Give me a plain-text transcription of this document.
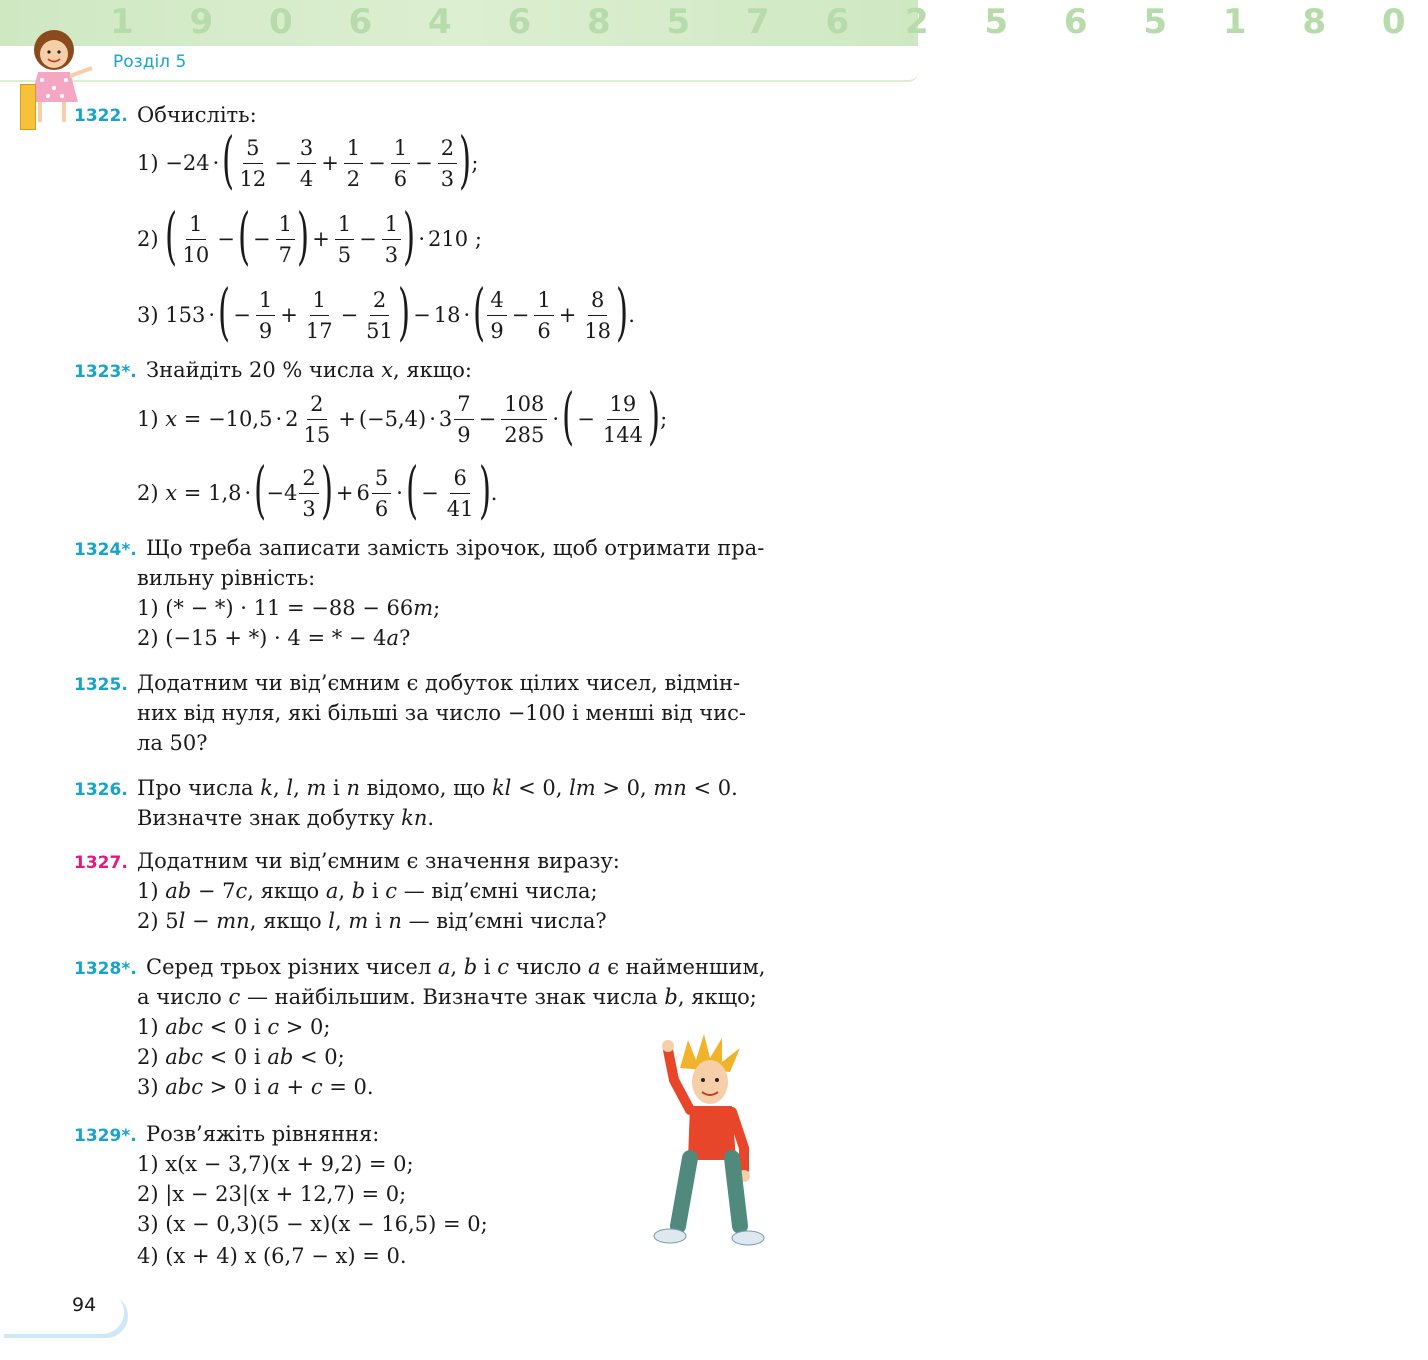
1 9 0 6 4 6 8 5 7 6 2 5 6 5 1 8 0
Розділ 5
1322. Обчисліть:
1)
−24 · ( $\frac{5}{12} - \frac{3}{4} + \frac{1}{2} - \frac{1}{6} - \frac{2}{3}$ ) ;
2)
( $\frac{1}{10}$ − ( − $\frac{1}{7}$ ) + $\frac{1}{5} - \frac{1}{3}$ ) · 210 ;
3)
153 · ( − $\frac{1}{9} + \frac{1}{17} - \frac{2}{51}$ ) − 18 · ( $\frac{4}{9} - \frac{1}{6} + \frac{8}{18}$ ) .
1323*. Знайдіть 20 % числа x, якщо:
1)
x
=
$-10,5 \cdot 2 \frac{2}{15} + (-5,4) \cdot 3 \frac{7}{9} - \frac{108}{285}$ · ( − $\frac{19}{144}$ ) ;
2)
x
=
1,8 · ( $-4 \frac{2}{3}$ ) + $6 \frac{5}{6}$ · ( − $\frac{6}{41}$ ) .
1324*. Що треба записати замість зірочок, щоб отримати пра-
вильну рівність:
1) (* − *) · 11 = −88 − 66m;
2) (−15 + *) · 4 = * − 4a?
1325. Додатним чи від’ємним є добуток цілих чисел, відмін-
них від нуля, які більші за число −100 і менші від чис-
ла 50?
1326. Про числа k, l, m і n відомо, що kl < 0, lm > 0, mn < 0.
Визначте знак добутку kn.
1327. Додатним чи від’ємним є значення виразу:
1) ab − 7c, якщо a, b і c — від’ємні числа;
2) 5l − mn, якщо l, m і n — від’ємні числа?
1328*. Серед трьох різних чисел a, b і c число a є найменшим,
а число c — найбільшим. Визначте знак числа b, якщо;
1) abc < 0 і c > 0;
2) abc < 0 і ab < 0;
3) abc > 0 і a + c = 0.
1329*. Розв’яжіть рівняння:
1) x(x − 3,7)(x + 9,2) = 0;
2) |x − 23|(x + 12,7) = 0;
3) (x − 0,3)(5 − x)(x − 16,5) = 0;
4) (x + 4) x (6,7 − x) = 0.
94
